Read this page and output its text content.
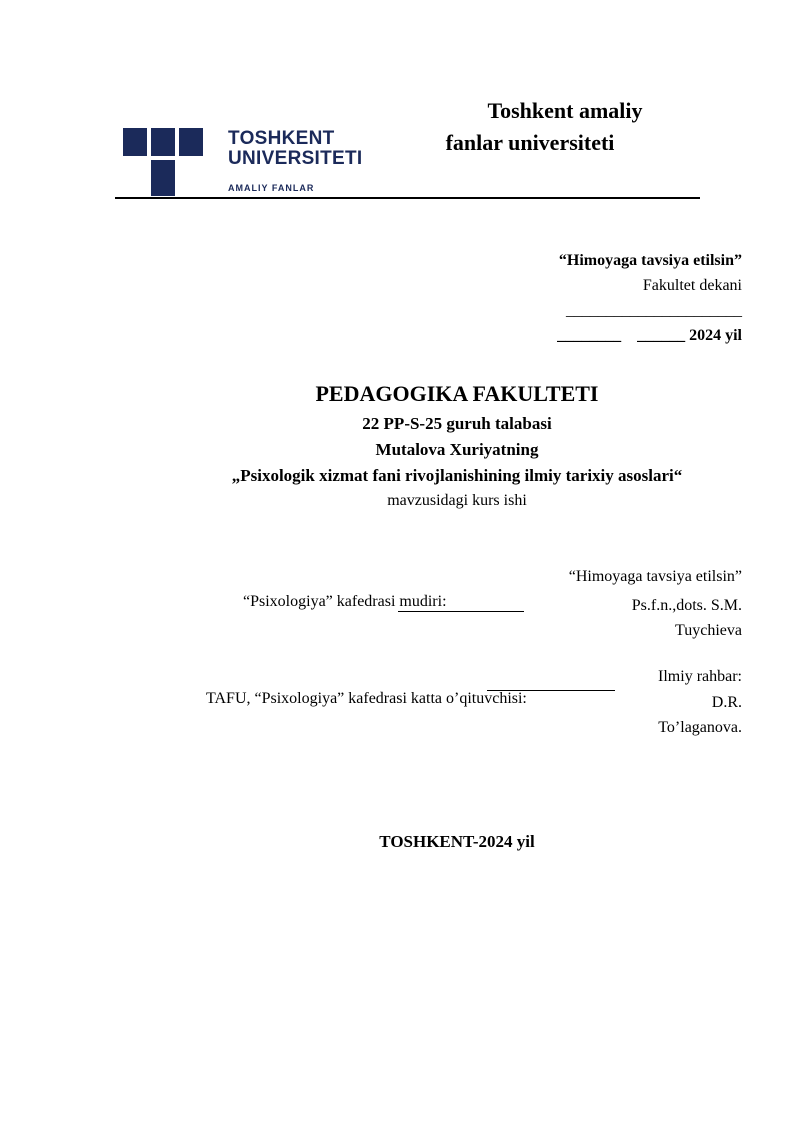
TOSHKENT
UNIVERSITETI
AMALIY FANLAR
Toshkent amaliy
fanlar universiteti
“Himoyaga tavsiya etilsin”
Fakultet dekani
______________________
________ ______ 2024 yil
PEDAGOGIKA FAKULTETI
22 PP-S-25 guruh talabasi
Mutalova Xuriyatning
„Psixologik xizmat fani rivojlanishining ilmiy tarixiy asoslari“
mavzusidagi kurs ishi
“Himoyaga tavsiya etilsin”
“Psixologiya” kafedrasi mudiri:	Ps.f.n.,dots. S.M.
Tuychieva
Ilmiy rahbar:
TAFU, “Psixologiya” kafedrasi katta o’qituvchisi:	D.R.
To’laganova.
TOSHKENT-2024 yil
